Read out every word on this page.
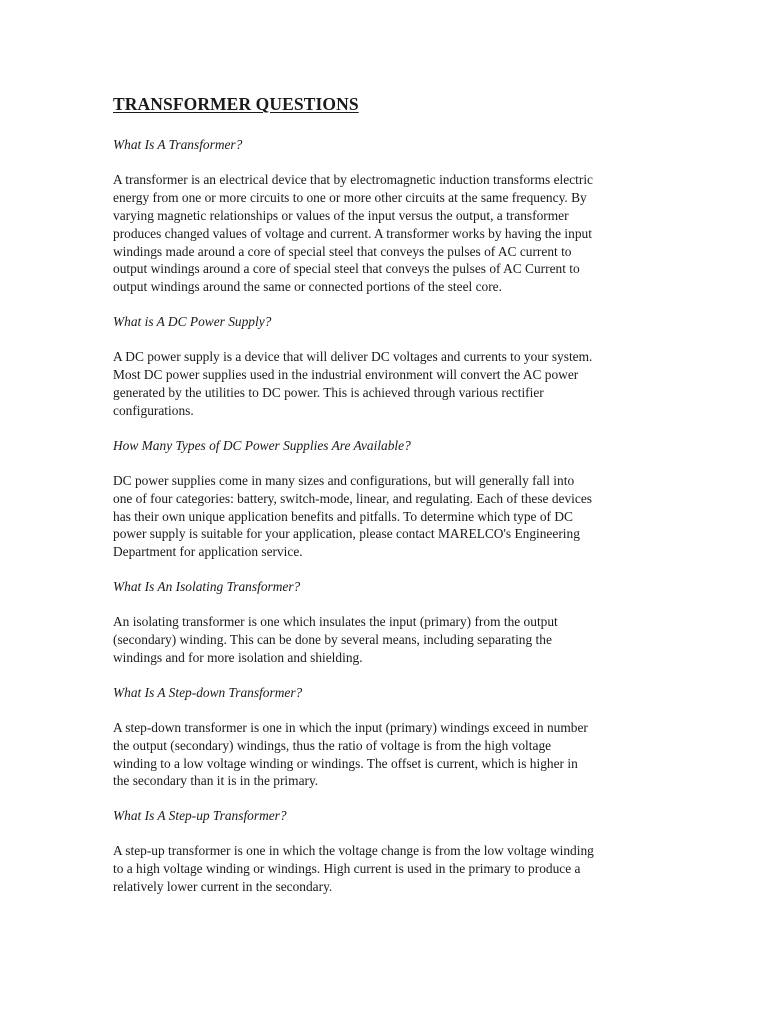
TRANSFORMER QUESTIONS
What Is A Transformer?
A transformer is an electrical device that by electromagnetic induction transforms electric
energy from one or more circuits to one or more other circuits at the same frequency. By
varying magnetic relationships or values of the input versus the output, a transformer
produces changed values of voltage and current. A transformer works by having the input
windings made around a core of special steel that conveys the pulses of AC current to
output windings around a core of special steel that conveys the pulses of AC Current to
output windings around the same or connected portions of the steel core.
What is A DC Power Supply?
A DC power supply is a device that will deliver DC voltages and currents to your system.
Most DC power supplies used in the industrial environment will convert the AC power
generated by the utilities to DC power. This is achieved through various rectifier
configurations.
How Many Types of DC Power Supplies Are Available?
DC power supplies come in many sizes and configurations, but will generally fall into
one of four categories: battery, switch-mode, linear, and regulating. Each of these devices
has their own unique application benefits and pitfalls. To determine which type of DC
power supply is suitable for your application, please contact MARELCO's Engineering
Department for application service.
What Is An Isolating Transformer?
An isolating transformer is one which insulates the input (primary) from the output
(secondary) winding. This can be done by several means, including separating the
windings and for more isolation and shielding.
What Is A Step-down Transformer?
A step-down transformer is one in which the input (primary) windings exceed in number
the output (secondary) windings, thus the ratio of voltage is from the high voltage
winding to a low voltage winding or windings. The offset is current, which is higher in
the secondary than it is in the primary.
What Is A Step-up Transformer?
A step-up transformer is one in which the voltage change is from the low voltage winding
to a high voltage winding or windings. High current is used in the primary to produce a
relatively lower current in the secondary.
